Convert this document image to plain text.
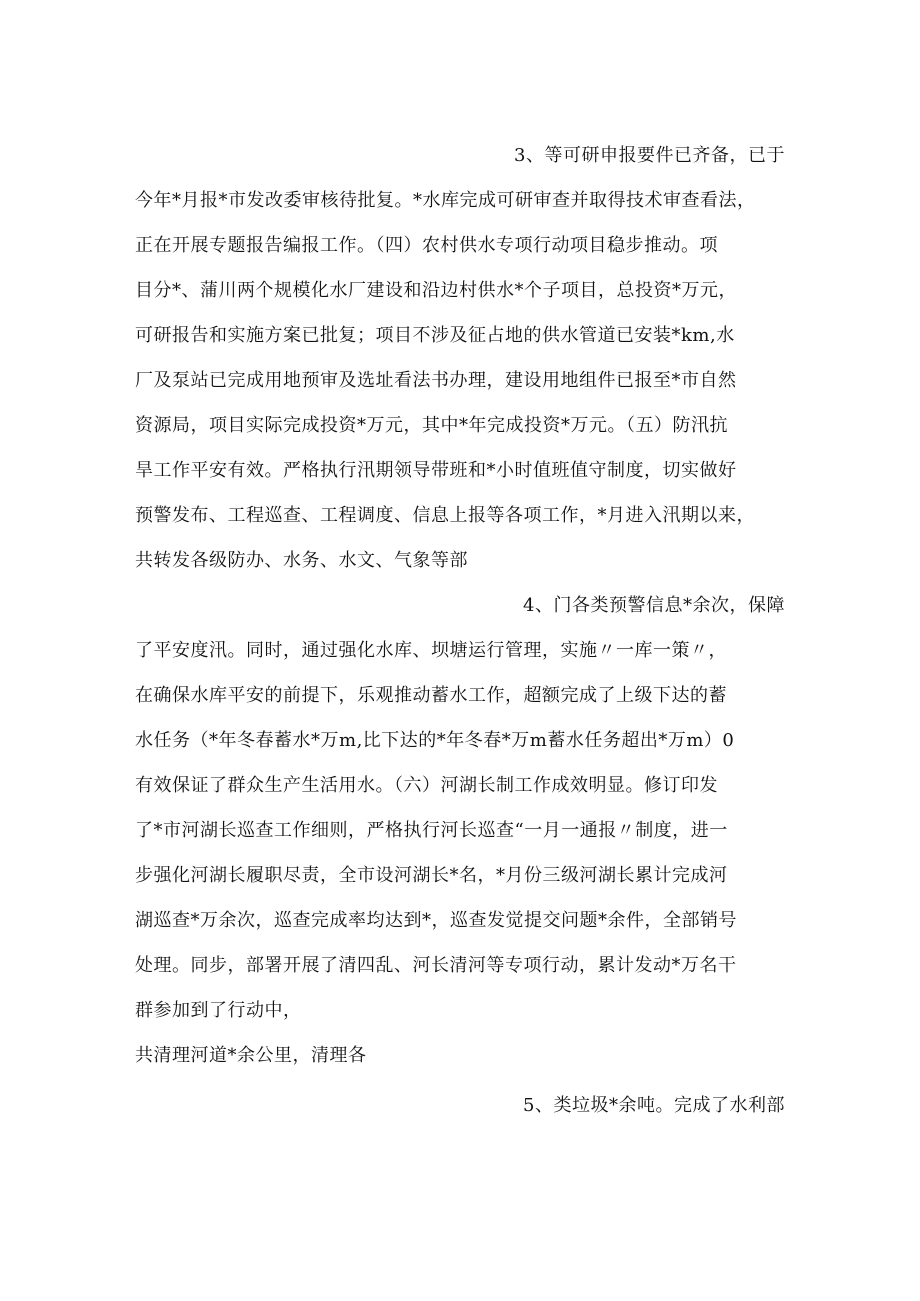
3、等可研申报要件已齐备，已于
今年*月报*市发改委审核待批复。*水库完成可研审查并取得技术审查看法，
正在开展专题报告编报工作。（四）农村供水专项行动项目稳步推动。项
目分*、蒲川两个规模化水厂建设和沿边村供水*个子项目，总投资*万元，
可研报告和实施方案已批复；项目不涉及征占地的供水管道已安装*km,水
厂及泵站已完成用地预审及选址看法书办理，建设用地组件已报至*市自然
资源局，项目实际完成投资*万元，其中*年完成投资*万元。（五）防汛抗
旱工作平安有效。严格执行汛期领导带班和*小时值班值守制度，切实做好
预警发布、工程巡查、工程调度、信息上报等各项工作，*月进入汛期以来，
共转发各级防办、水务、水文、气象等部
4、门各类预警信息*余次，保障
了平安度汛。同时，通过强化水库、坝塘运行管理，实施〃一库一策〃，
在确保水库平安的前提下，乐观推动蓄水工作，超额完成了上级下达的蓄
水任务（*年冬春蓄水*万m,比下达的*年冬春*万m蓄水任务超出*万m）0
有效保证了群众生产生活用水。（六）河湖长制工作成效明显。修订印发
了*市河湖长巡查工作细则，严格执行河长巡查“一月一通报〃制度，进一
步强化河湖长履职尽责，全市设河湖长*名，*月份三级河湖长累计完成河
湖巡查*万余次，巡查完成率均达到*，巡查发觉提交问题*余件，全部销号
处理。同步，部署开展了清四乱、河长清河等专项行动，累计发动*万名干
群参加到了行动中，
共清理河道*余公里，清理各
5、类垃圾*余吨。完成了水利部
